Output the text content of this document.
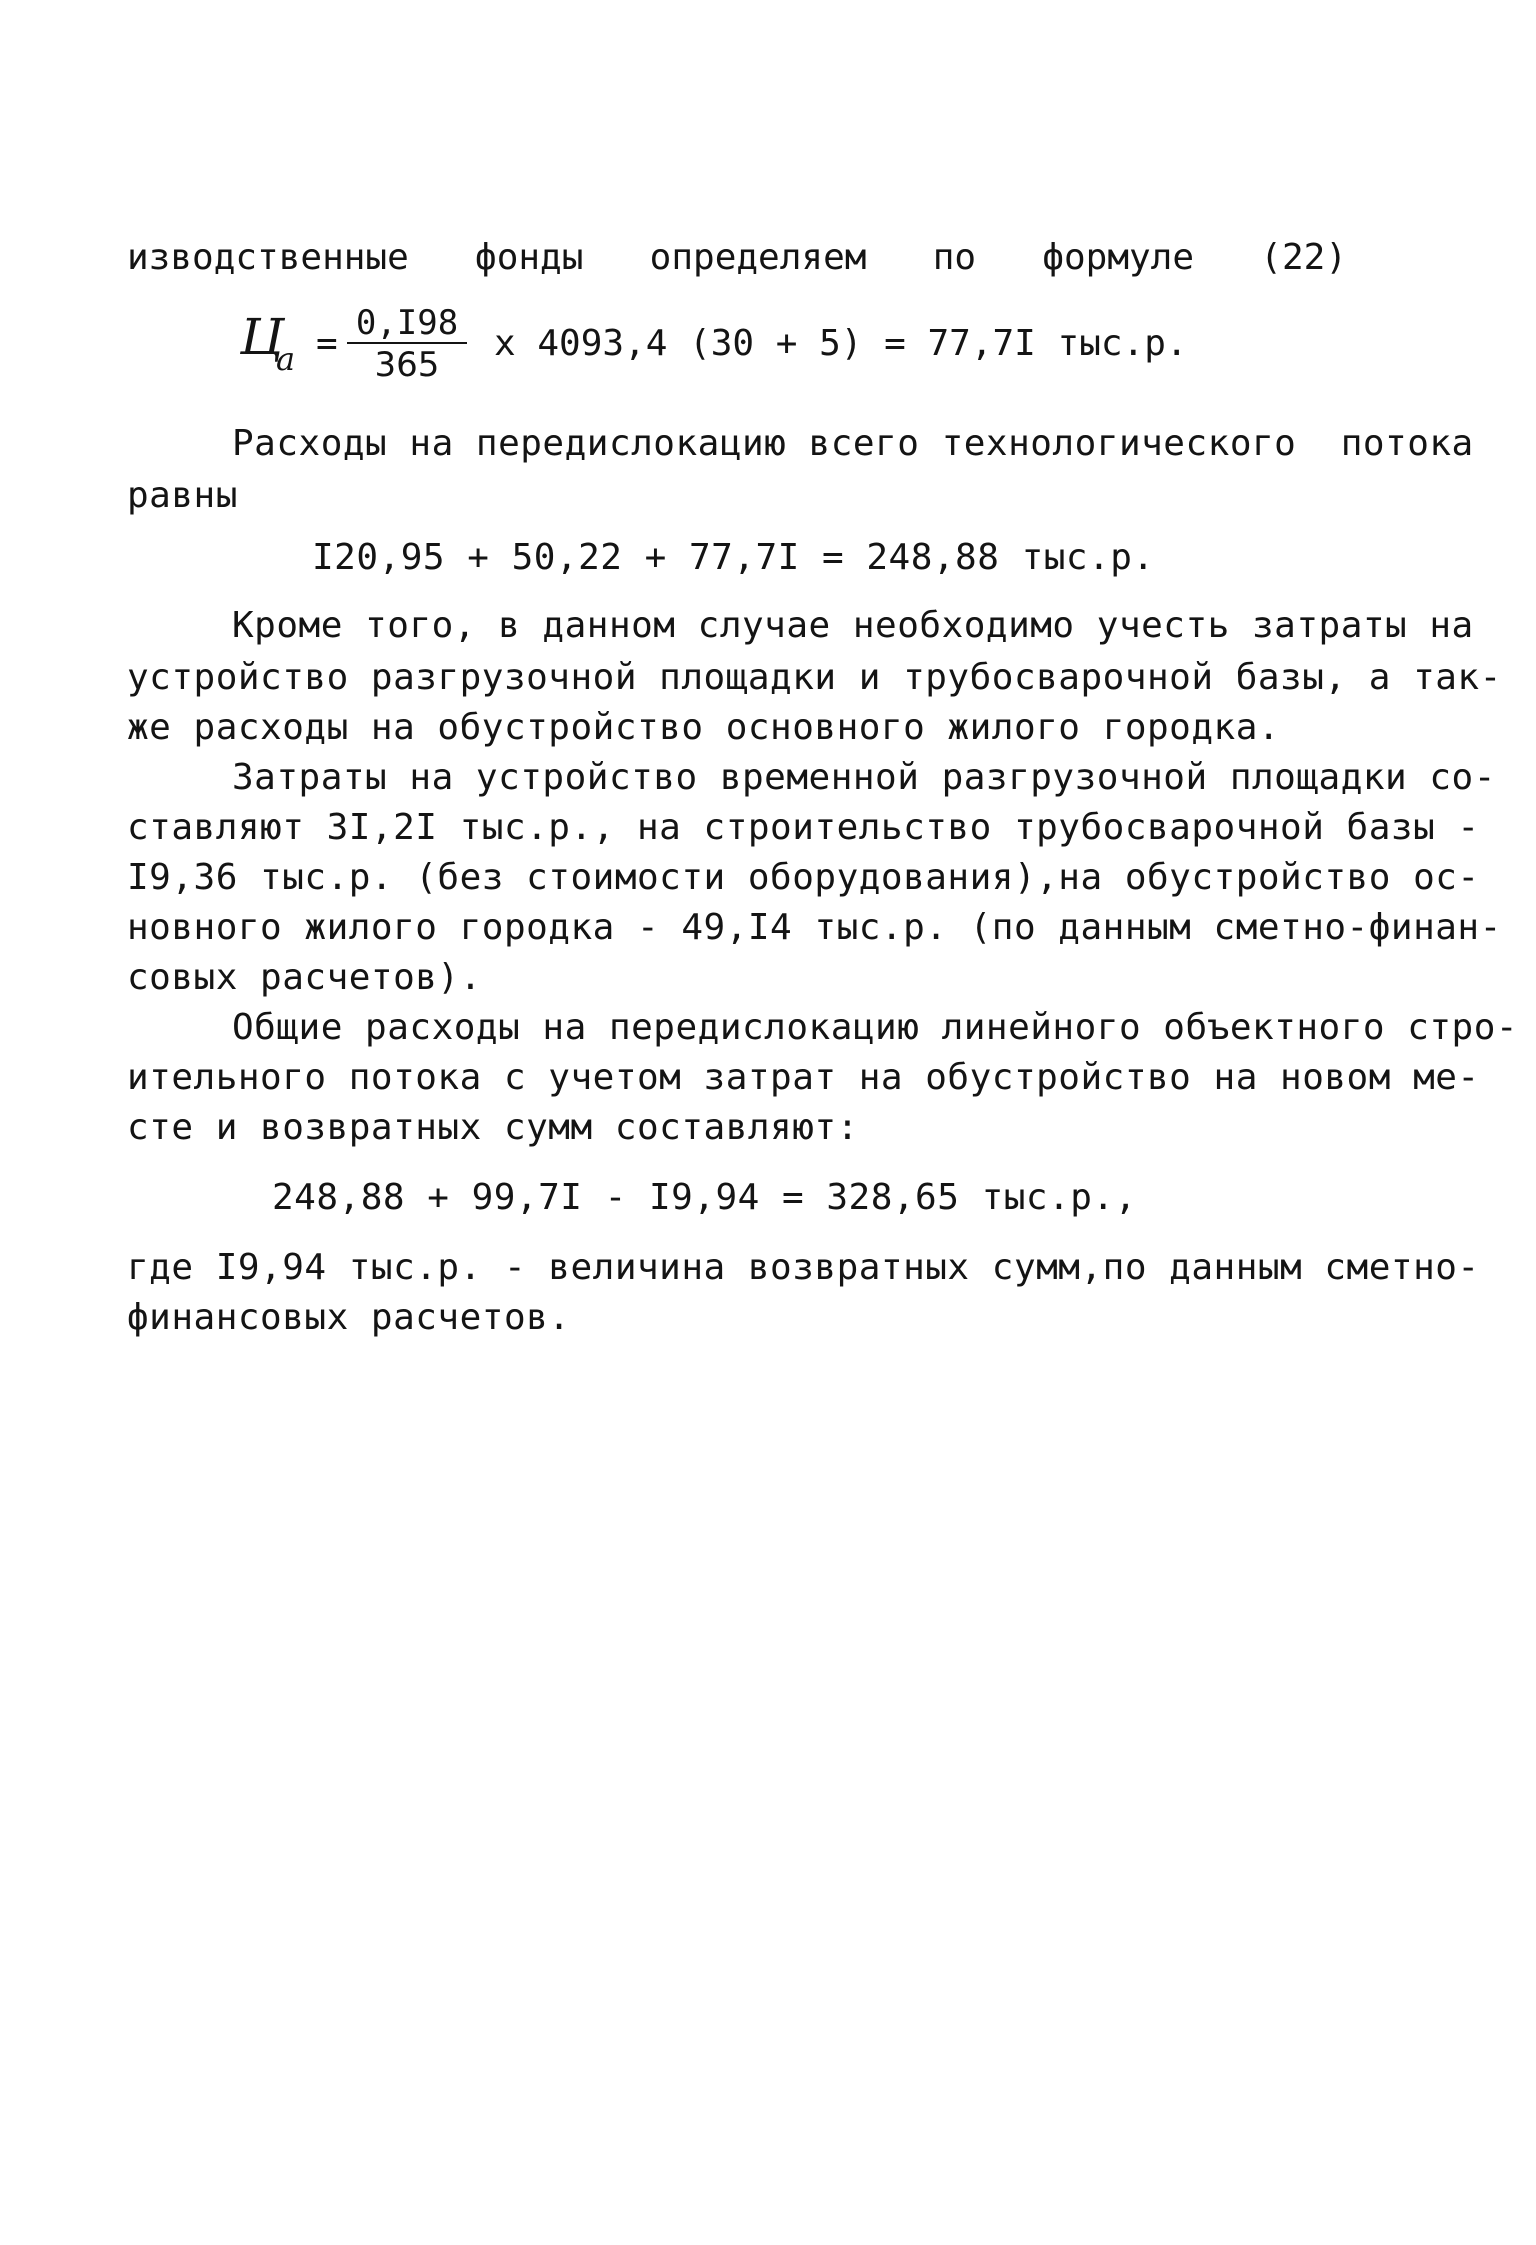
изводственные фонды определяем по формуле (22)
Ц
$а = \frac{0,I98}{365}$ x 4093,4 (30 + 5) = 77,7I тыс.р.
Расходы на передислокацию всего технологического  потока
равны
I20,95 + 50,22 + 77,7I = 248,88 тыс.р.
Кроме того, в данном случае необходимо учесть затраты на
устройство разгрузочной площадки и трубосварочной базы, а так-
же расходы на обустройство основного жилого городка.
Затраты на устройство временной разгрузочной площадки со-
ставляют 3I,2I тыс.р., на строительство трубосварочной базы -
I9,36 тыс.р. (без стоимости оборудования),на обустройство ос-
новного жилого городка - 49,I4 тыс.р. (по данным сметно-финан-
совых расчетов).
Общие расходы на передислокацию линейного объектного стро-
ительного потока с учетом затрат на обустройство на новом ме-
сте и возвратных сумм составляют:
248,88 + 99,7I - I9,94 = 328,65 тыс.р.,
где I9,94 тыс.р. - величина возвратных сумм,по данным сметно-
финансовых расчетов.
